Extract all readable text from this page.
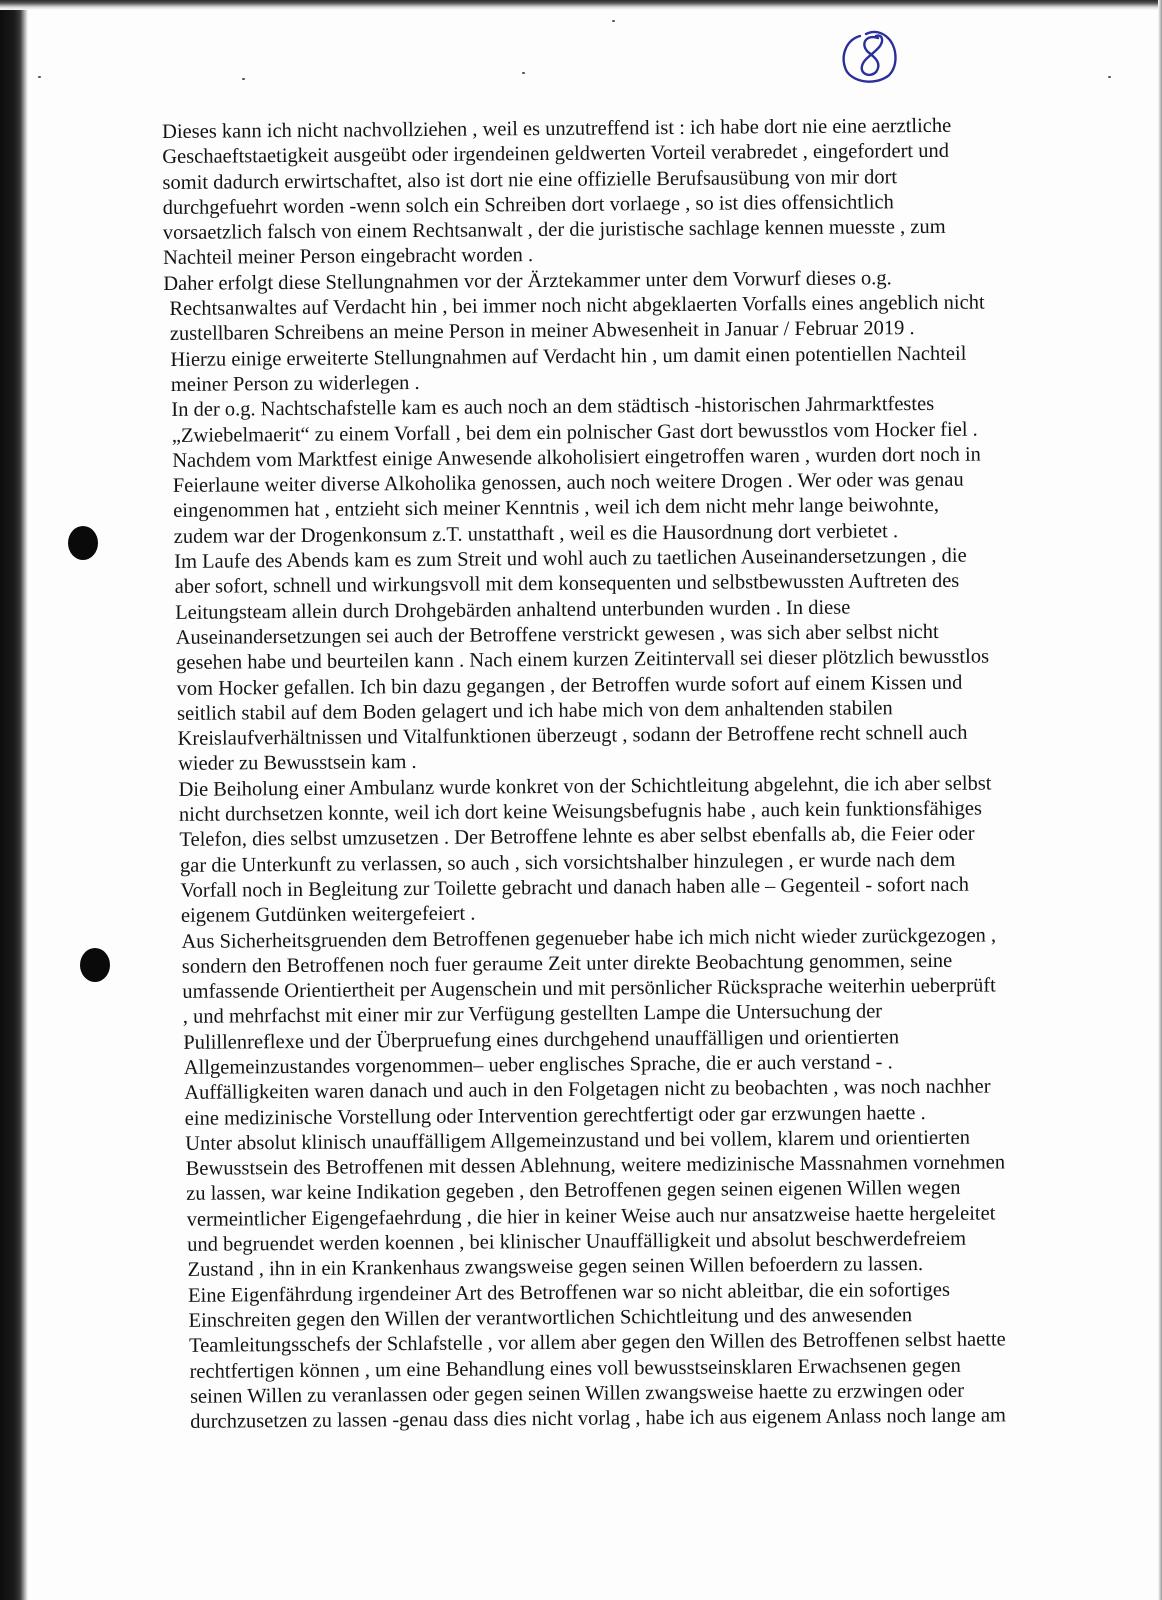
Dieses kann ich nicht nachvollziehen , weil es unzutreffend ist : ich habe dort nie eine aerztliche
Geschaeftstaetigkeit ausgeübt oder irgendeinen geldwerten Vorteil verabredet , eingefordert und
somit dadurch erwirtschaftet, also ist dort nie eine offizielle Berufsausübung von mir dort
durchgefuehrt worden -wenn solch ein Schreiben dort vorlaege , so ist dies offensichtlich
vorsaetzlich falsch von einem Rechtsanwalt , der die juristische sachlage kennen muesste , zum
Nachteil meiner Person eingebracht worden .
Daher erfolgt diese Stellungnahmen vor der Ärztekammer unter dem Vorwurf dieses o.g.
Rechtsanwaltes auf Verdacht hin , bei immer noch nicht abgeklaerten Vorfalls eines angeblich nicht
zustellbaren Schreibens an meine Person in meiner Abwesenheit in Januar / Februar 2019 .
Hierzu einige erweiterte Stellungnahmen auf Verdacht hin , um damit einen potentiellen Nachteil
meiner Person zu widerlegen .
In der o.g. Nachtschafstelle kam es auch noch an dem städtisch -historischen Jahrmarktfestes
„Zwiebelmaerit“ zu einem Vorfall , bei dem ein polnischer Gast dort bewusstlos vom Hocker fiel .
Nachdem vom Marktfest einige Anwesende alkoholisiert eingetroffen waren , wurden dort noch in
Feierlaune weiter diverse Alkoholika genossen, auch noch weitere Drogen . Wer oder was genau
eingenommen hat , entzieht sich meiner Kenntnis , weil ich dem nicht mehr lange beiwohnte,
zudem war der Drogenkonsum z.T. unstatthaft , weil es die Hausordnung dort verbietet .
Im Laufe des Abends kam es zum Streit und wohl auch zu taetlichen Auseinandersetzungen , die
aber sofort, schnell und wirkungsvoll mit dem konsequenten und selbstbewussten Auftreten des
Leitungsteam allein durch Drohgebärden anhaltend unterbunden wurden . In diese
Auseinandersetzungen sei auch der Betroffene verstrickt gewesen , was sich aber selbst nicht
gesehen habe und beurteilen kann . Nach einem kurzen Zeitintervall sei dieser plötzlich bewusstlos
vom Hocker gefallen. Ich bin dazu gegangen , der Betroffen wurde sofort auf einem Kissen und
seitlich stabil auf dem Boden gelagert und ich habe mich von dem anhaltenden stabilen
Kreislaufverhältnissen und Vitalfunktionen überzeugt , sodann der Betroffene recht schnell auch
wieder zu Bewusstsein kam .
Die Beiholung einer Ambulanz wurde konkret von der Schichtleitung abgelehnt, die ich aber selbst
nicht durchsetzen konnte, weil ich dort keine Weisungsbefugnis habe , auch kein funktionsfähiges
Telefon, dies selbst umzusetzen . Der Betroffene lehnte es aber selbst ebenfalls ab, die Feier oder
gar die Unterkunft zu verlassen, so auch , sich vorsichtshalber hinzulegen , er wurde nach dem
Vorfall noch in Begleitung zur Toilette gebracht und danach haben alle – Gegenteil - sofort nach
eigenem Gutdünken weitergefeiert .
Aus Sicherheitsgruenden dem Betroffenen gegenueber habe ich mich nicht wieder zurückgezogen ,
sondern den Betroffenen noch fuer geraume Zeit unter direkte Beobachtung genommen, seine
umfassende Orientiertheit per Augenschein und mit persönlicher Rücksprache weiterhin ueberprüft
, und mehrfachst mit einer mir zur Verfügung gestellten Lampe die Untersuchung der
Pulillenreflexe und der Überpruefung eines durchgehend unauffälligen und orientierten
Allgemeinzustandes vorgenommen– ueber englisches Sprache, die er auch verstand - .
Auffälligkeiten waren danach und auch in den Folgetagen nicht zu beobachten , was noch nachher
eine medizinische Vorstellung oder Intervention gerechtfertigt oder gar erzwungen haette .
Unter absolut klinisch unauffälligem Allgemeinzustand und bei vollem, klarem und orientierten
Bewusstsein des Betroffenen mit dessen Ablehnung, weitere medizinische Massnahmen vornehmen
zu lassen, war keine Indikation gegeben , den Betroffenen gegen seinen eigenen Willen wegen
vermeintlicher Eigengefaehrdung , die hier in keiner Weise auch nur ansatzweise haette hergeleitet
und begruendet werden koennen , bei klinischer Unauffälligkeit und absolut beschwerdefreiem
Zustand , ihn in ein Krankenhaus zwangsweise gegen seinen Willen befoerdern zu lassen.
Eine Eigenfährdung irgendeiner Art des Betroffenen war so nicht ableitbar, die ein sofortiges
Einschreiten gegen den Willen der verantwortlichen Schichtleitung und des anwesenden
Teamleitungsschefs der Schlafstelle , vor allem aber gegen den Willen des Betroffenen selbst haette
rechtfertigen können , um eine Behandlung eines voll bewusstseinsklaren Erwachsenen gegen
seinen Willen zu veranlassen oder gegen seinen Willen zwangsweise haette zu erzwingen oder
durchzusetzen zu lassen -genau dass dies nicht vorlag , habe ich aus eigenem Anlass noch lange am
